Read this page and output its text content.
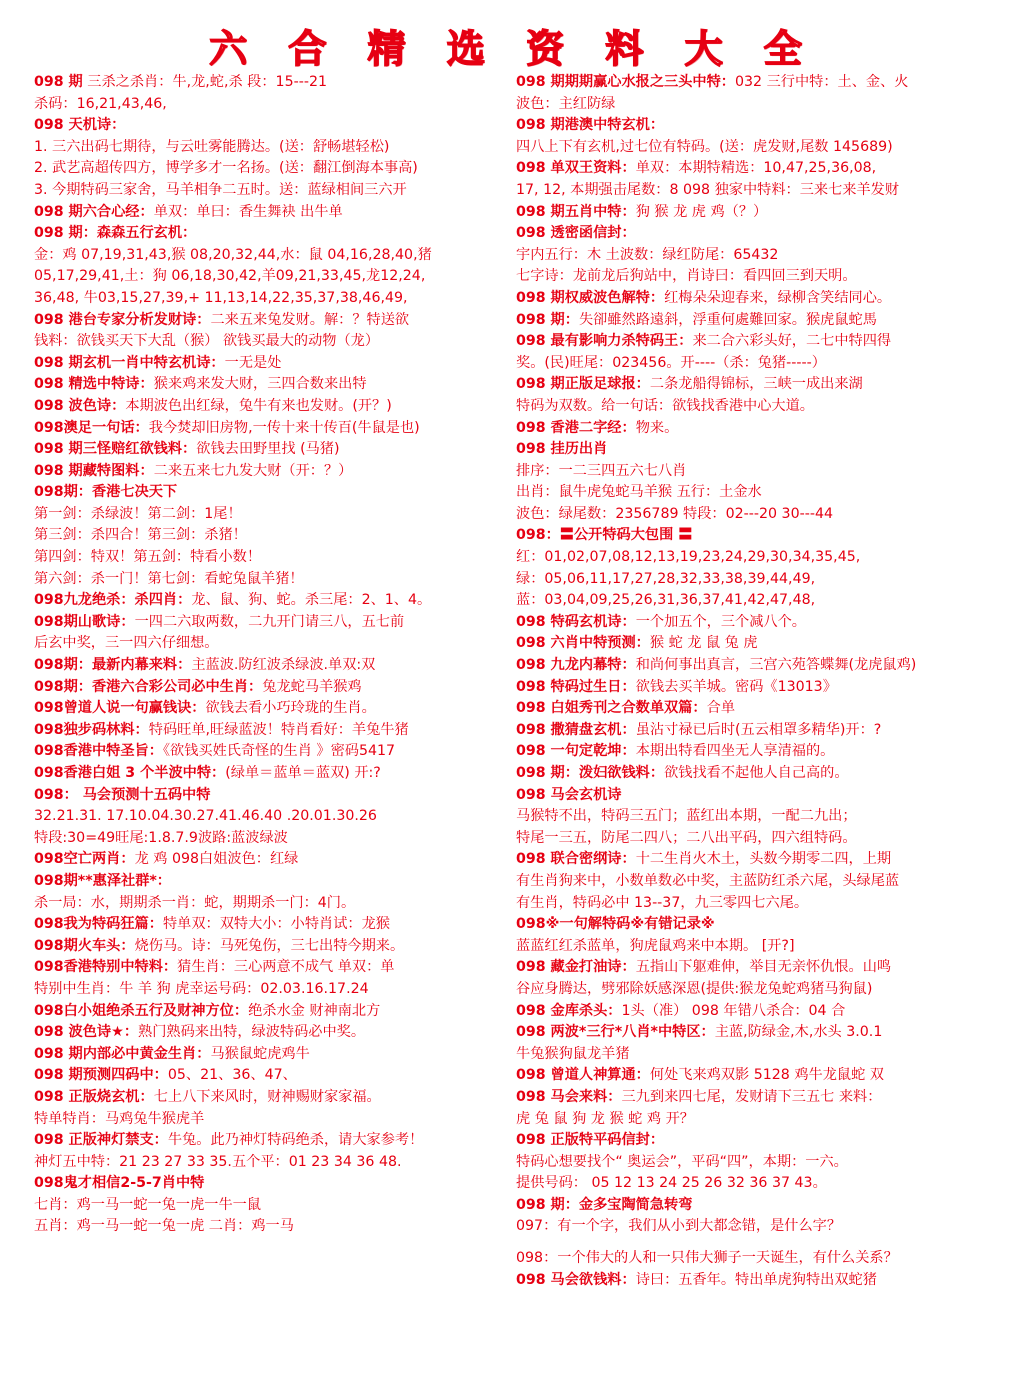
六 合 精 选 资 料 大 全
098 期 三杀之杀肖：牛,龙,蛇,杀 段：15---21
杀码：16,21,43,46,
098 天机诗：
1. 三六出码七期待，与云吐雾能腾达。(送：舒畅堪轻松)
2. 武艺高超传四方，博学多才一名扬。(送：翻江倒海本事高)
3. 今期特码三家舍，马羊相争二五时。送：蓝绿相间三六开
098 期六合心经：单双：单曰：香生舞袂 出牛单
098 期：森森五行玄机：
金：鸡 07,19,31,43,猴 08,20,32,44,水：鼠 04,16,28,40,猪
05,17,29,41,土：狗 06,18,30,42,羊09,21,33,45,龙12,24,
36,48, 牛03,15,27,39,+ 11,13,14,22,35,37,38,46,49,
098 港台专家分析发财诗：二来五来兔发财。解：？特送欲
钱料：欲钱买天下大乱（猴） 欲钱买最大的动物（龙）
098 期玄机一肖中特玄机诗：一无是处
098 精选中特诗：猴来鸡来发大财，三四合数来出特
098 波色诗：本期波色出红绿，兔牛有来也发财。(开？)
098澳足一句话：我今焚却旧房物,一传十来十传百(牛鼠是也)
098 期三怪赔红欲钱料：欲钱去田野里找 (马猪)
098 期藏特图料：二来五来七九发大财（开：？）
098期：香港七决天下
第一剑：杀绿波！第二剑：1尾！
第三剑：杀四合！第三剑：杀猪！
第四剑：特双！第五剑：特看小数！
第六剑：杀一门！第七剑：看蛇兔鼠羊猪！
098九龙绝杀：杀四肖：龙、鼠、狗、蛇。杀三尾：2、1、4。
098期山歌诗：一四二六取两数，二九开门请三八，五七前
后玄中奖，三一四六仔细想。
098期：最新内幕来料：主蓝波.防红波杀绿波.单双:双
098期：香港六合彩公司必中生肖：兔龙蛇马羊猴鸡
098曾道人说一句赢钱诀：欲钱去看小巧玲珑的生肖。
098独步码林料：特码旺单,旺绿蓝波！特肖看好：羊兔牛猪
098香港中特圣旨：《欲钱买姓氏奇怪的生肖 》密码5417
098香港白姐 3 个半波中特：(绿单＝蓝单＝蓝双) 开:?
098： 马会预测十五码中特
32.21.31. 17.10.04.30.27.41.46.40 .20.01.30.26
特段:30=49旺尾:1.8.7.9波路:蓝波绿波
098空亡两肖：龙 鸡 098白姐波色：红绿
098期**惠泽社群*：
杀一局：水，期期杀一肖：蛇，期期杀一门：4门。
098我为特码狂篇：特单双：双特大小：小特肖试：龙猴
098期火车头：烧伤马。诗：马死兔伤，三七出特今期来。
098香港特别中特料：猜生肖：三心两意不成气 单双：单
特别中生肖：牛 羊 狗 虎幸运号码：02.03.16.17.24
098白小姐绝杀五行及财神方位：绝杀水金 财神南北方
098 波色诗★：熟门熟码来出特，绿波特码必中奖。
098 期内部必中黄金生肖：马猴鼠蛇虎鸡牛
098 期预测四码中：05、21、36、47、
098 正版烧玄机：七上八下来风时，财神赐财家家福。
特单特肖：马鸡兔牛猴虎羊
098 正版神灯禁支：牛兔。此乃神灯特码绝杀，请大家参考！
神灯五中特：21 23 27 33 35.五个平：01 23 34 36 48.
098鬼才相信2-5-7肖中特
七肖：鸡一马一蛇一兔一虎一牛一鼠
五肖：鸡一马一蛇一兔一虎 二肖：鸡一马
098 期期期赢心水报之三头中特：032 三行中特：土、金、火
波色：主红防绿
098 期港澳中特玄机：
四八上下有玄机,过七位有特码。(送：虎发财,尾数 145689)
098 单双王资料：单双：本期特精选：10,47,25,36,08,
17, 12, 本期强击尾数：8 098 独家中特料：三来七来羊发财
098 期五肖中特：狗 猴 龙 虎 鸡（？）
098 透密函信封：
宇内五行：木 土波数：绿红防尾：65432
七字诗：龙前龙后狗站中，肖诗曰：看四回三到天明。
098 期权威波色解特：红梅朵朵迎春来，绿柳含笑结同心。
098 期：失卻雖然路遠斜，浮重何處難回家。猴虎鼠蛇馬
098 最有影响力杀特码王：来二合六彩头好，二七中特四得
奖。(民)旺尾：023456。开----（杀：兔猪-----）
098 期正版足球报：二条龙船得锦标，三峡一成出来湖
特码为双数。给一句话：欲钱找香港中心大道。
098 香港二字经：物来。
098 挂历出肖
排序：一二三四五六七八肖
出肖：鼠牛虎兔蛇马羊猴 五行：土金水
波色：绿尾数：2356789 特段：02---20 30---44
098：〓公开特码大包围 〓
红：01,02,07,08,12,13,19,23,24,29,30,34,35,45,
绿：05,06,11,17,27,28,32,33,38,39,44,49,
蓝：03,04,09,25,26,31,36,37,41,42,47,48,
098 特码玄机诗：一个加五个，三个减八个。
098 六肖中特预测：猴 蛇 龙 鼠 兔 虎
098 九龙内幕特：和尚何事出真言，三宫六苑答蝶舞(龙虎鼠鸡)
098 特码过生日：欲钱去买羊城。密码《13013》
098 白姐秀刊之合数单双篇：合单
098 撒猜盘玄机：虽沾寸禄已后时(五云相罩多精华)开：?
098 一句定乾坤：本期出特看四坐无人享清福的。
098 期：泼妇欲钱料：欲钱找看不起他人自己高的。
098 马会玄机诗
马猴特不出，特码三五门；蓝红出本期，一配二九出；
特尾一三五，防尾二四八；二八出平码，四六组特码。
098 联合密纲诗：十二生肖火木土，头数今期零二四，上期
有生肖狗来中，小数单数必中奖，主蓝防红杀六尾，头绿尾蓝
有生肖，特码必中 13--37，九三零四七六尾。
098※一句解特码※有错记录※
蓝蓝红红杀蓝单，狗虎鼠鸡来中本期。 [开?]
098 藏金打油诗：五指山下躯难伸，举目无亲怀仇恨。山鸣
谷应身腾达，劈邪除妖感深恩(提供:猴龙兔蛇鸡猪马狗鼠)
098 金库杀头：1头（准） 098 年错八杀合：04 合
098 两波*三行*八肖*中特区：主蓝,防绿金,木,水头 3.0.1
牛兔猴狗鼠龙羊猪
098 曾道人神算通：何处飞来鸡双影 5128 鸡牛龙鼠蛇 双
098 马会来料：三九到来四七尾，发财请下三五七 来料：
虎 兔 鼠 狗 龙 猴 蛇 鸡 开？
098 正版特平码信封：
特码心想要找个“ 奥运会”，平码“四”，本期：一六。
提供号码： 05 12 13 24 25 26 32 36 37 43。
098 期：金多宝陶简急转弯
097：有一个字，我们从小到大都念错，是什么字？
098：一个伟大的人和一只伟大狮子一天诞生，有什么关系？
098 马会欲钱料：诗曰：五香年。特出单虎狗特出双蛇猪
